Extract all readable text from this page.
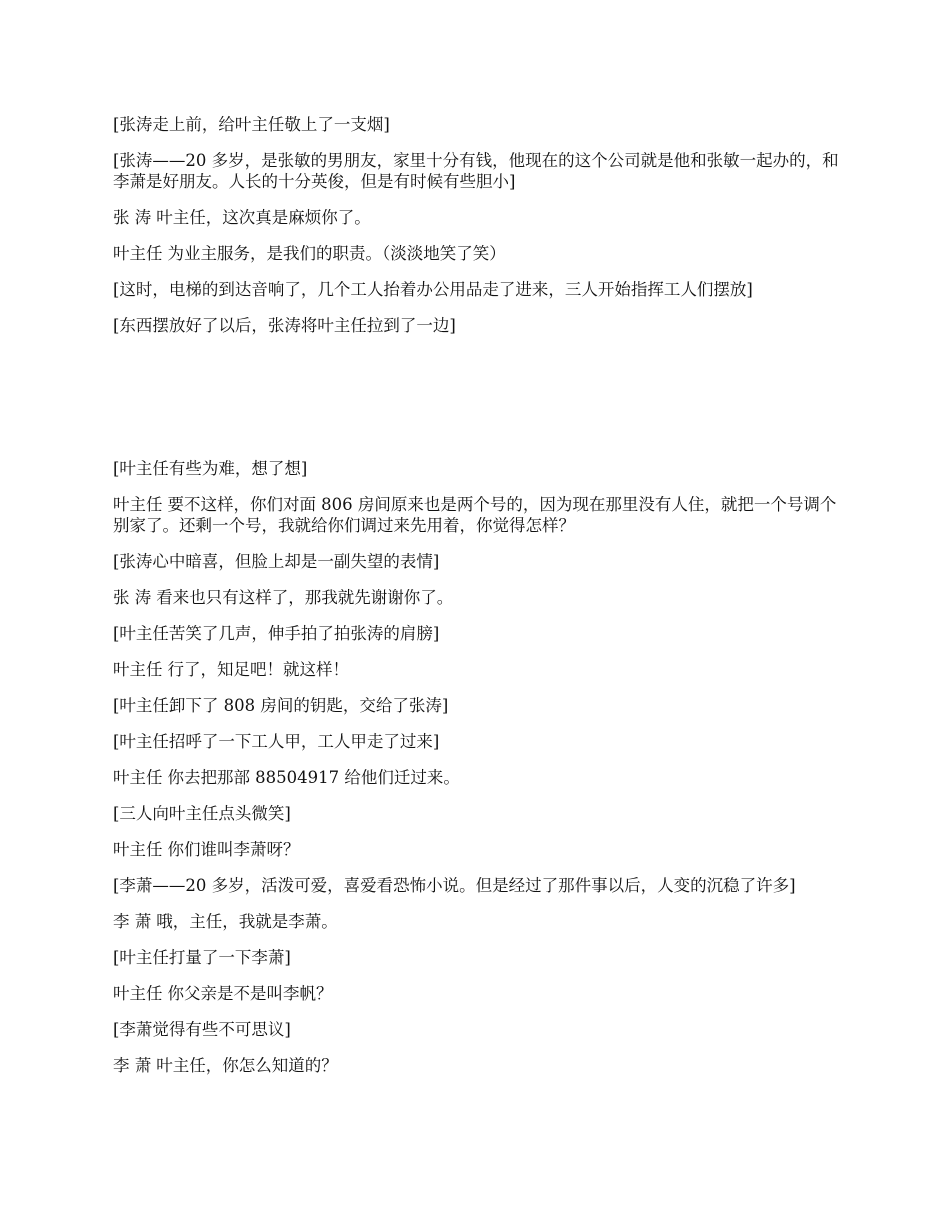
[张涛走上前，给叶主任敬上了一支烟]

[张涛——20 多岁，是张敏的男朋友，家里十分有钱，他现在的这个公司就是他和张敏一起办的，和李萧是好朋友。人长的十分英俊，但是有时候有些胆小]

张 涛 叶主任，这次真是麻烦你了。

叶主任 为业主服务，是我们的职责。（淡淡地笑了笑）

[这时，电梯的到达音响了，几个工人抬着办公用品走了进来，三人开始指挥工人们摆放]

[东西摆放好了以后，张涛将叶主任拉到了一边]

[叶主任有些为难，想了想]

叶主任 要不这样，你们对面 806 房间原来也是两个号的，因为现在那里没有人住，就把一个号调个别家了。还剩一个号，我就给你们调过来先用着，你觉得怎样？

[张涛心中暗喜，但脸上却是一副失望的表情]

张 涛 看来也只有这样了，那我就先谢谢你了。

[叶主任苦笑了几声，伸手拍了拍张涛的肩膀]

叶主任 行了，知足吧！就这样！

[叶主任卸下了 808 房间的钥匙，交给了张涛]

[叶主任招呼了一下工人甲，工人甲走了过来]

叶主任 你去把那部 88504917 给他们迁过来。

[三人向叶主任点头微笑]

叶主任 你们谁叫李萧呀？

[李萧——20 多岁，活泼可爱，喜爱看恐怖小说。但是经过了那件事以后，人变的沉稳了许多]

李 萧 哦，主任，我就是李萧。

[叶主任打量了一下李萧]

叶主任 你父亲是不是叫李帆？

[李萧觉得有些不可思议]

李 萧 叶主任，你怎么知道的？
